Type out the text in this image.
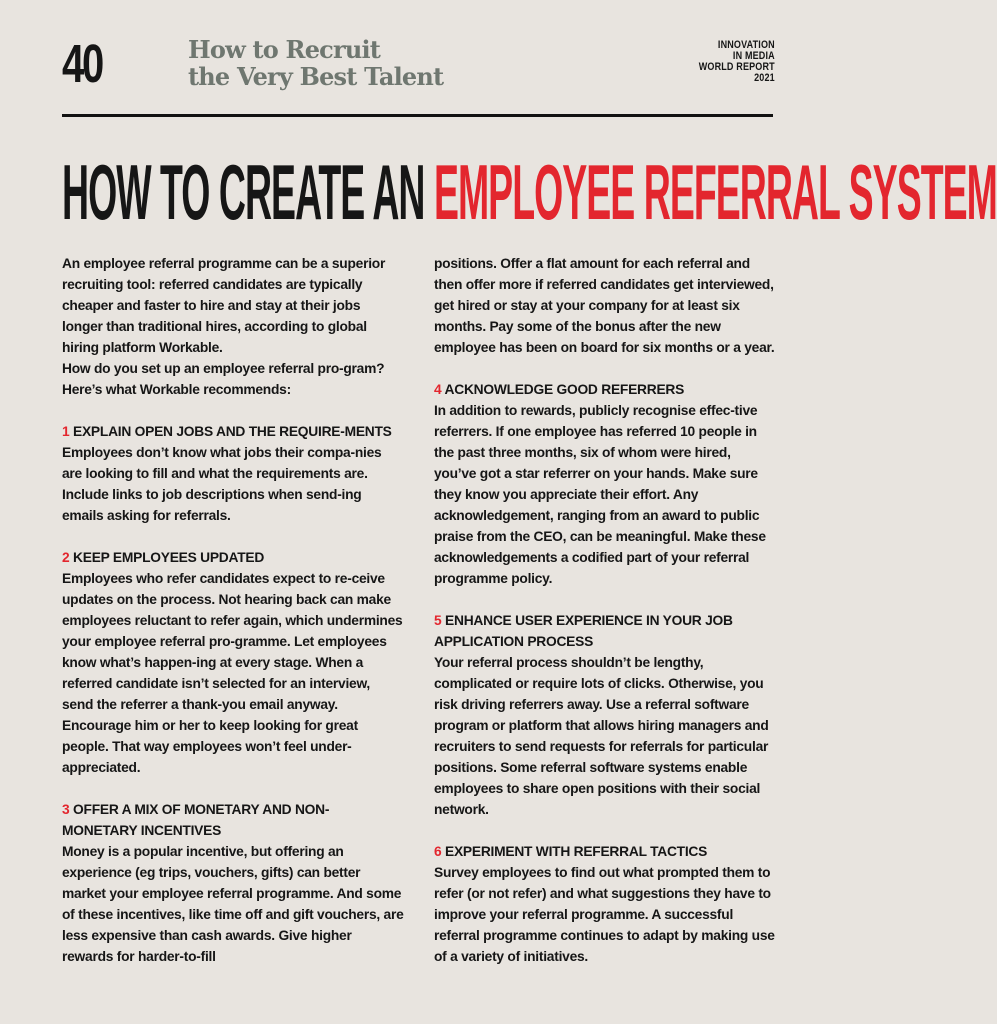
40	How to Recruit
the Very Best Talent
INNOVATION
IN MEDIA
WORLD REPORT
2021
HOW TO CREATE AN EMPLOYEE REFERRAL SYSTEM

An employee referral programme can be a superior recruiting tool: referred candidates are typically cheaper and faster to hire and stay at their jobs longer than traditional hires, according to global hiring platform Workable.

How do you set up an employee referral pro-gram? Here’s what Workable recommends:

1 EXPLAIN OPEN JOBS AND THE REQUIRE-MENTS

Employees don’t know what jobs their compa-nies are looking to fill and what the requirements are. Include links to job descriptions when send-ing emails asking for referrals.

2 KEEP EMPLOYEES UPDATED

Employees who refer candidates expect to re-ceive updates on the process. Not hearing back can make employees reluctant to refer again, which undermines your employee referral pro-gramme. Let employees know what’s happen-ing at every stage. When a referred candidate isn’t selected for an interview, send the referrer a thank-you email anyway. Encourage him or her to keep looking for great people. That way employees won’t feel under-appreciated.

3 OFFER A MIX OF MONETARY AND NON-MONETARY INCENTIVES

Money is a popular incentive, but offering an experience (eg trips, vouchers, gifts) can better market your employee referral programme. And some of these incentives, like time off and gift vouchers, are less expensive than cash awards. Give higher rewards for harder-to-fill

positions. Offer a flat amount for each referral and then offer more if referred candidates get interviewed, get hired or stay at your company for at least six months. Pay some of the bonus after the new employee has been on board for six months or a year.

4 ACKNOWLEDGE GOOD REFERRERS

In addition to rewards, publicly recognise effec-tive referrers. If one employee has referred 10 people in the past three months, six of whom were hired, you’ve got a star referrer on your hands. Make sure they know you appreciate their effort. Any acknowledgement, ranging from an award to public praise from the CEO, can be meaningful. Make these acknowledgements a codified part of your referral programme policy.

5 ENHANCE USER EXPERIENCE IN YOUR JOB APPLICATION PROCESS

Your referral process shouldn’t be lengthy, complicated or require lots of clicks. Otherwise, you risk driving referrers away. Use a referral software program or platform that allows hiring managers and recruiters to send requests for referrals for particular positions. Some referral software systems enable employees to share open positions with their social network.

6 EXPERIMENT WITH REFERRAL TACTICS

Survey employees to find out what prompted them to refer (or not refer) and what suggestions they have to improve your referral programme. A successful referral programme continues to adapt by making use of a variety of initiatives.
